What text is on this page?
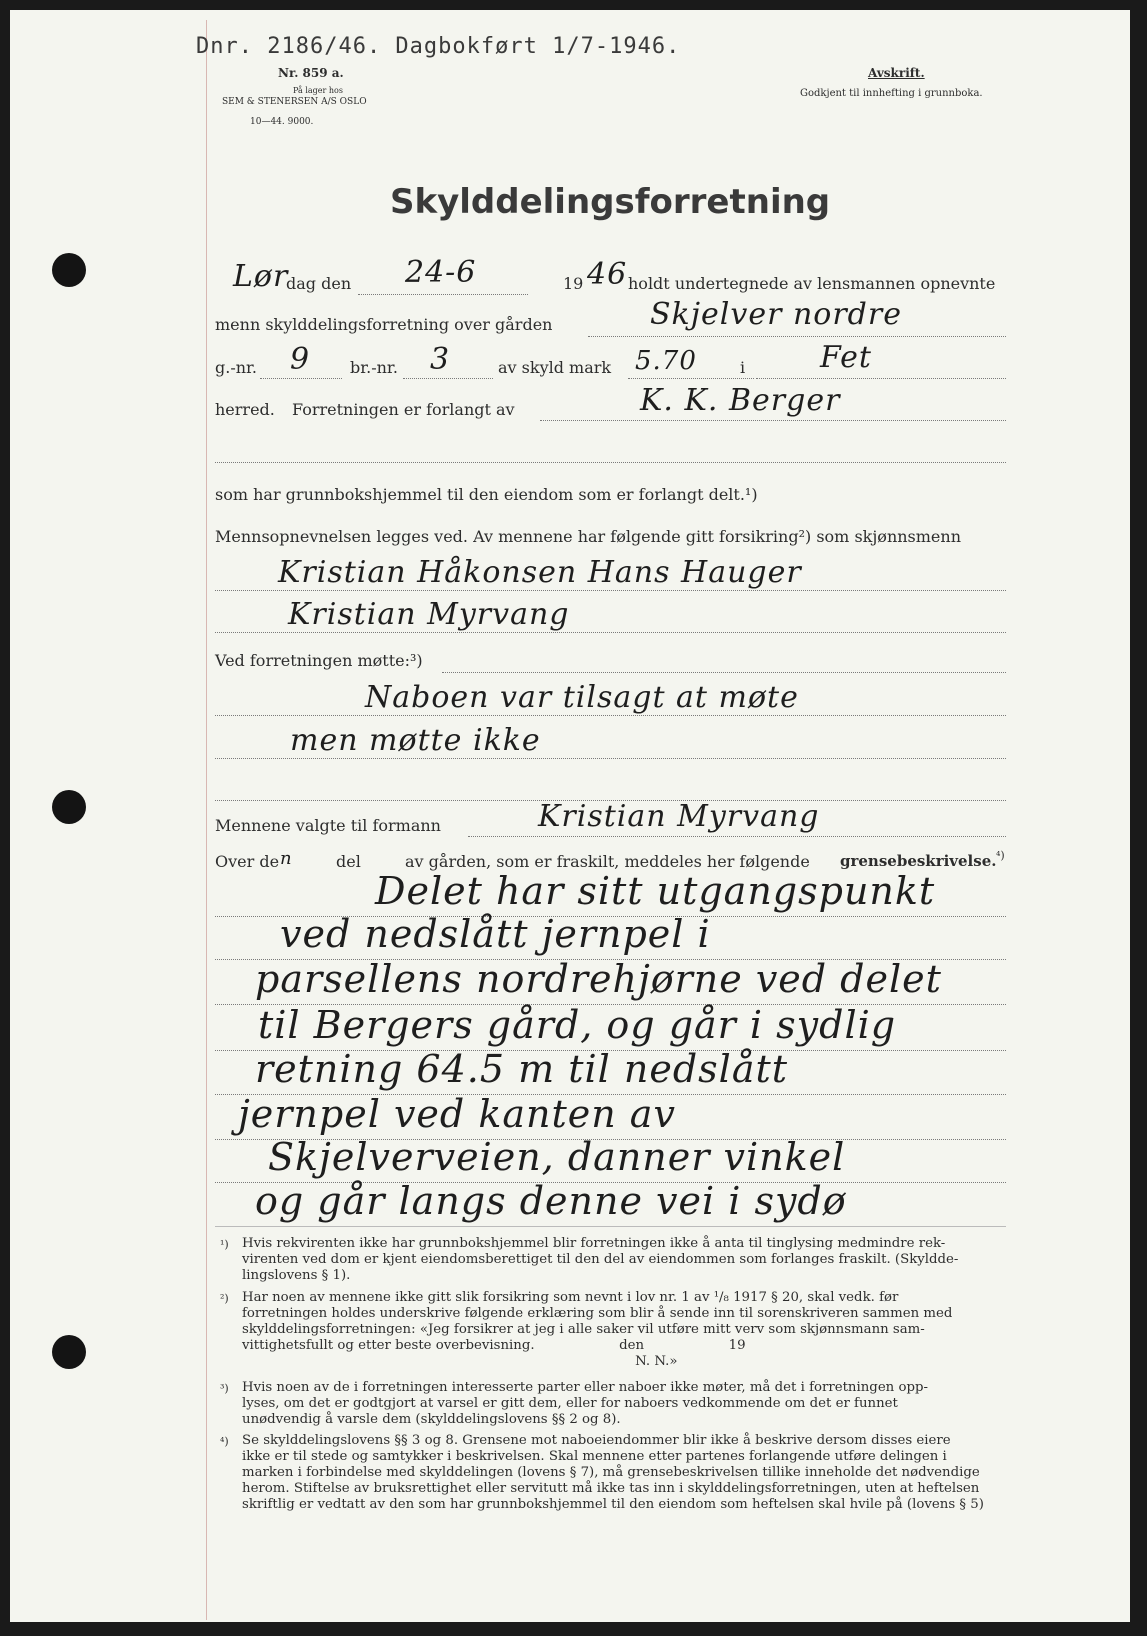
Dnr. 2186/46. Dagbokført 1/7-1946.
Nr. 859 a.
På lager hos
SEM & STENERSEN A/S OSLO
10—44. 9000.
Avskrift.
Godkjent til innhefting i grunnboka.
Skylddelingsforretning
Lør
dag den 24-6	19 46 holdt undertegnede av lensmannen opnevnte
menn skylddelingsforretning over gården	Skjelver nordre
g.-nr. 9 br.-nr. 3	av skyld mark 5.70	i Fet
herred. Forretningen er forlangt av	K. K. Berger
som har grunnbokshjemmel til den eiendom som er forlangt delt.¹)
Mennsopnevnelsen legges ved. Av mennene har følgende gitt forsikring²) som skjønnsmenn
Kristian Håkonsen Hans Hauger
Kristian Myrvang
Ved forretningen møtte:³)
Naboen var tilsagt at møte
men møtte ikke
Mennene valgte til formann	Kristian Myrvang
Over de n	del	av gården, som er fraskilt, meddeles her følgende grensebeskrivelse. ⁴)
Delet har sitt utgangspunkt
ved nedslått jernpel i
parsellens nordrehjørne ved delet
til Bergers gård, og går i sydlig
retning 64.5 m til nedslått
jernpel ved kanten av
Skjelverveien, danner vinkel
og går langs denne vei i sydø
¹) Hvis rekvirenten ikke har grunnbokshjemmel blir forretningen ikke å anta til tinglysing medmindre rek-
virenten ved dom er kjent eiendomsberettiget til den del av eiendommen som forlanges fraskilt. (Skyldde-
lingslovens § 1).
²) Har noen av mennene ikke gitt slik forsikring som nevnt i lov nr. 1 av ¹/₈ 1917 § 20, skal vedk. før
forretningen holdes underskrive følgende erklæring som blir å sende inn til sorenskriveren sammen med
skylddelingsforretningen: «Jeg forsikrer at jeg i alle saker vil utføre mitt verv som skjønnsmann sam-
vittighetsfullt og etter beste overbevisning.                    den                    19
N. N.»
³) Hvis noen av de i forretningen interesserte parter eller naboer ikke møter, må det i forretningen opp-
lyses, om det er godtgjort at varsel er gitt dem, eller for naboers vedkommende om det er funnet
unødvendig å varsle dem (skylddelingslovens §§ 2 og 8).
⁴) Se skylddelingslovens §§ 3 og 8. Grensene mot naboeiendommer blir ikke å beskrive dersom disses eiere
ikke er til stede og samtykker i beskrivelsen. Skal mennene etter partenes forlangende utføre delingen i
marken i forbindelse med skylddelingen (lovens § 7), må grensebeskrivelsen tillike inneholde det nødvendige
herom. Stiftelse av bruksrettighet eller servitutt må ikke tas inn i skylddelingsforretningen, uten at heftelsen
skriftlig er vedtatt av den som har grunnbokshjemmel til den eiendom som heftelsen skal hvile på (lovens § 5)
